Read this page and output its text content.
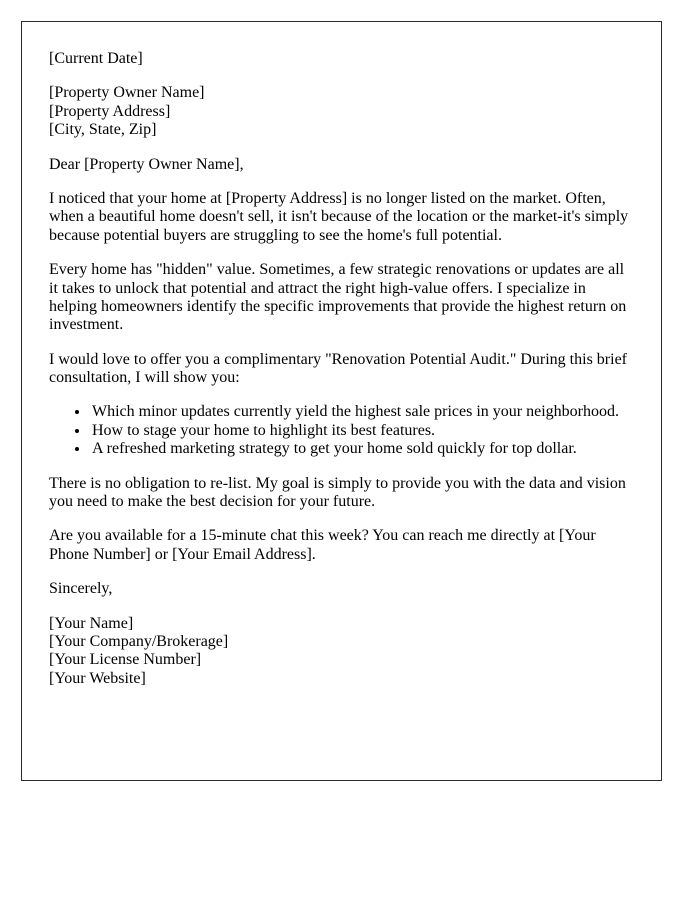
[Current Date]

[Property Owner Name]
[Property Address]
[City, State, Zip]

Dear [Property Owner Name],

I noticed that your home at [Property Address] is no longer listed on the market. Often, when a beautiful home doesn't sell, it isn't because of the location or the market-it's simply because potential buyers are struggling to see the home's full potential.

Every home has "hidden" value. Sometimes, a few strategic renovations or updates are all it takes to unlock that potential and attract the right high-value offers. I specialize in helping homeowners identify the specific improvements that provide the highest return on investment.

I would love to offer you a complimentary "Renovation Potential Audit." During this brief consultation, I will show you:

• Which minor updates currently yield the highest sale prices in your neighborhood.
• How to stage your home to highlight its best features.
• A refreshed marketing strategy to get your home sold quickly for top dollar.

There is no obligation to re-list. My goal is simply to provide you with the data and vision you need to make the best decision for your future.

Are you available for a 15-minute chat this week? You can reach me directly at [Your Phone Number] or [Your Email Address].

Sincerely,

[Your Name]
[Your Company/Brokerage]
[Your License Number]
[Your Website]
